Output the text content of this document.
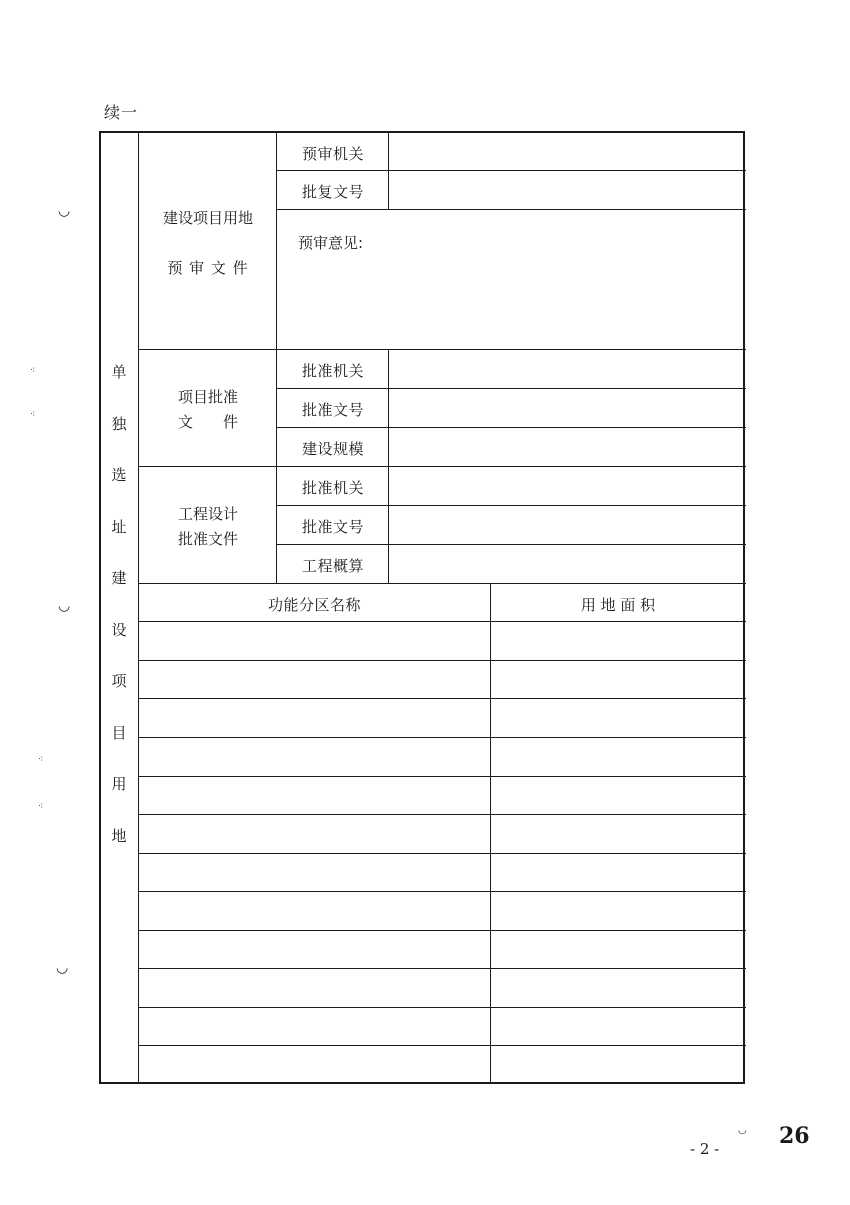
续一
单
独
选
址
建
设
项
目
用
地
建设项目用地
预 审 文 件
预审机关
批复文号
预审意见:
项目批准
文　　件
批准机关
批准文号
建设规模
工程设计
批准文件
批准机关
批准文号
工程概算
功能分区名称	用 地 面 积
◡
⁖
⁖
◡
⁖
⁖
◡
◡
- 2 -	26
